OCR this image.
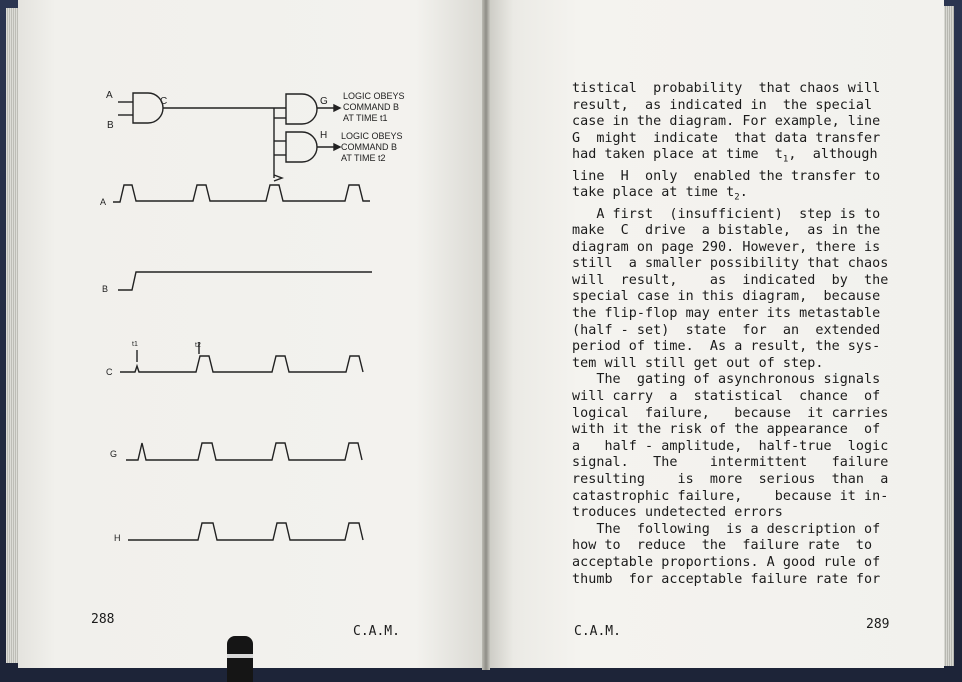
A
B
C	G
H
LOGIC OBEYS
COMMAND B
AT TIME t1
LOGIC OBEYS
COMMAND B
AT TIME t2
A
B
C
G
H
t1	t2
288
C.A.M.
tistical  probability  that chaos will
result,  as indicated in  the special
case in the diagram. For example, line
G  might  indicate  that data transfer
had taken place at time  $t_1$,  although
line  H  only  enabled the transfer to
take place at time $t_2$.
A first  (insufficient)  step is to
make  C  drive  a bistable,  as in the
diagram on page 290. However, there is
still  a smaller possibility that chaos
will  result,    as  indicated  by  the
special case in this diagram,  because
the flip-flop may enter its metastable
(half - set)  state  for  an  extended
period of time.  As a result, the sys-
tem will still get out of step.
The  gating of asynchronous signals
will carry  a  statistical  chance  of
logical  failure,   because  it carries
with it the risk of the appearance  of
a   half - amplitude,  half-true  logic
signal.   The    intermittent   failure
resulting    is  more  serious  than  a
catastrophic failure,    because it in-
troduces undetected errors
The  following  is a description of
how to  reduce  the  failure rate  to
acceptable proportions. A good rule of
thumb  for acceptable failure rate for
C.A.M.	289
